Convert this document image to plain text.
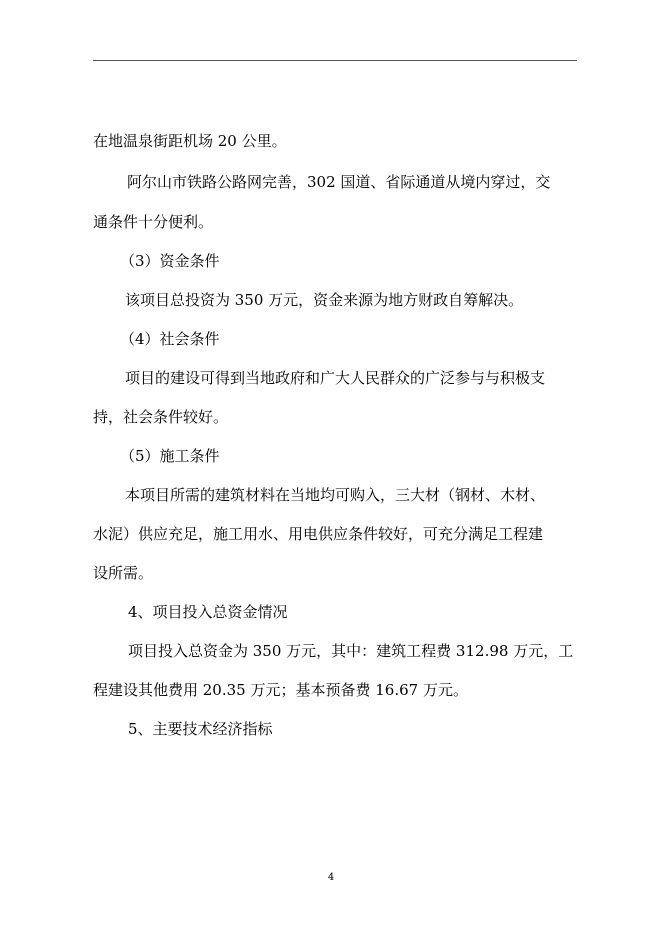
在地温泉街距机场 20 公里。

阿尔山市铁路公路网完善，302 国道、省际通道从境内穿过，交

通条件十分便利。

（3）资金条件

该项目总投资为 350 万元，资金来源为地方财政自筹解决。

（4）社会条件

项目的建设可得到当地政府和广大人民群众的广泛参与与积极支

持，社会条件较好。

（5）施工条件

本项目所需的建筑材料在当地均可购入，三大材（钢材、木材、

水泥）供应充足，施工用水、用电供应条件较好，可充分满足工程建

设所需。

4、项目投入总资金情况

项目投入总资金为 350 万元，其中：建筑工程费 312.98 万元，工

程建设其他费用 20.35 万元；基本预备费 16.67 万元。

5、主要技术经济指标

4
